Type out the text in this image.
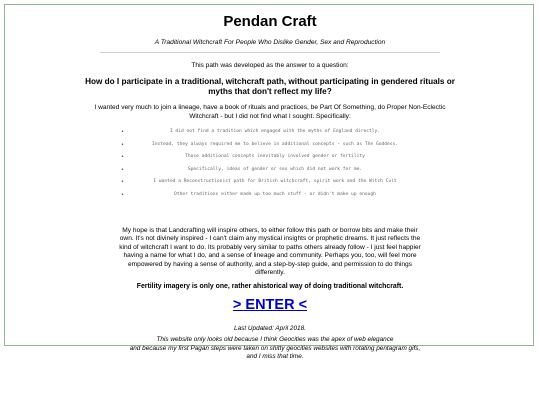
Pendan Craft
A Traditional Witchcraft For People Who Dislike Gender, Sex and Reproduction
This path was developed as the answer to a question:
How do I participate in a traditional, witchcraft path, without participating in gendered rituals or myths that don't reflect my life?
I wanted very much to join a lineage, have a book of rituals and practices, be Part Of Something, do Proper Non-Eclectic Witchcraft - but I did not find what I sought. Specifically:
•	I did not find a tradition which engaged with the myths of England directly.
•	Instead, they always required me to believe in additional concepts - such as The Goddess.
•	Those additional concepts inevitably involved gender or fertility
•	Specifically, ideas of gender or sex which did not work for me.
•	I wanted a Reconstructionist path for British witchcraft, spirit work and the Witch Cult
•	Other traditions either made up too much stuff - or didn't make up enough
My hope is that Landcrafting will inspire others, to either follow this path or borrow bits and make their own. It's not divinely inspired - I can't claim any mystical insights or prophetic dreams. It just reflects the kind of witchcraft I want to do. Its probably very similar to paths others already follow - I just feel happier having a name for what I do, and a sense of lineage and community. Perhaps you, too, will feel more empowered by having a sense of authority, and a step-by-step guide, and permission to do things differently.
Fertility imagery is only one, rather ahistorical way of doing traditional witchcraft.
> ENTER <
Last Updated: April 2018.
This website only looks old because I think Geocities was the apex of web elegance
and because my first Pagan steps were taken on shitty geocities websites with rotating pentagram gifs,
and I miss that time.
